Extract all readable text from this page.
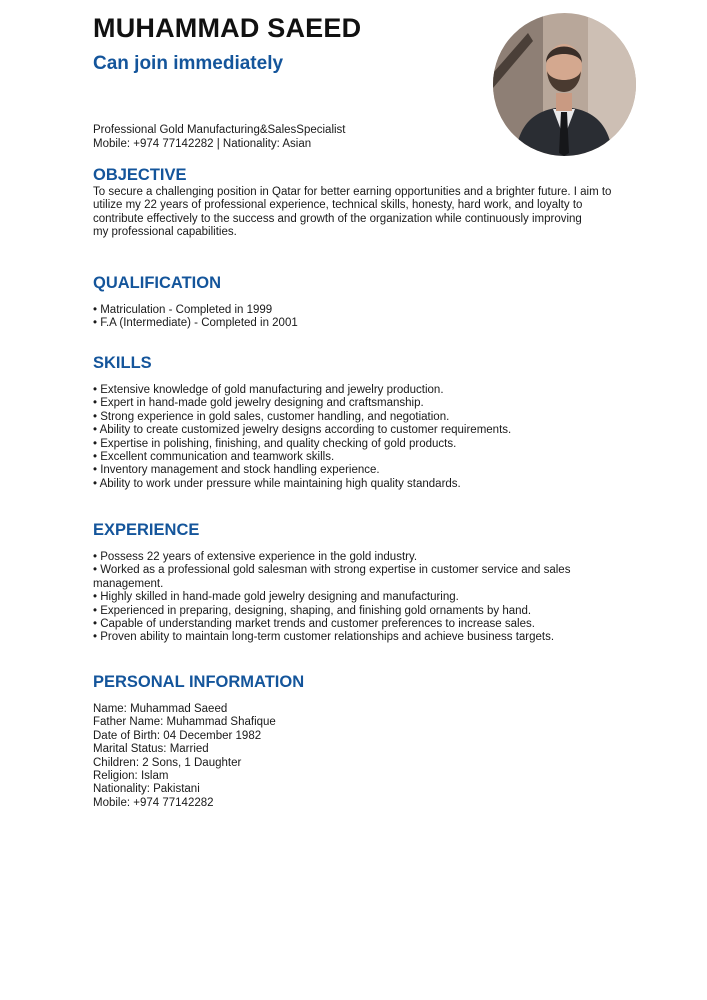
MUHAMMAD SAEED
Can join immediately
Professional Gold Manufacturing&SalesSpecialist
Mobile: +974 77142282 | Nationality: Asian
OBJECTIVE
To secure a challenging position in Qatar for better earning opportunities and a brighter future. I aim to
utilize my 22 years of professional experience, technical skills, honesty, hard work, and loyalty to
contribute effectively to the success and growth of the organization while continuously improving
my professional capabilities.
QUALIFICATION
• Matriculation - Completed in 1999
• F.A (Intermediate) - Completed in 2001
SKILLS
• Extensive knowledge of gold manufacturing and jewelry production.
• Expert in hand-made gold jewelry designing and craftsmanship.
• Strong experience in gold sales, customer handling, and negotiation.
• Ability to create customized jewelry designs according to customer requirements.
• Expertise in polishing, finishing, and quality checking of gold products.
• Excellent communication and teamwork skills.
• Inventory management and stock handling experience.
• Ability to work under pressure while maintaining high quality standards.
EXPERIENCE
• Possess 22 years of extensive experience in the gold industry.
• Worked as a professional gold salesman with strong expertise in customer service and sales
management.
• Highly skilled in hand-made gold jewelry designing and manufacturing.
• Experienced in preparing, designing, shaping, and finishing gold ornaments by hand.
• Capable of understanding market trends and customer preferences to increase sales.
• Proven ability to maintain long-term customer relationships and achieve business targets.
PERSONAL INFORMATION
Name: Muhammad Saeed
Father Name: Muhammad Shafique
Date of Birth: 04 December 1982
Marital Status: Married
Children: 2 Sons, 1 Daughter
Religion: Islam
Nationality: Pakistani
Mobile: +974 77142282
